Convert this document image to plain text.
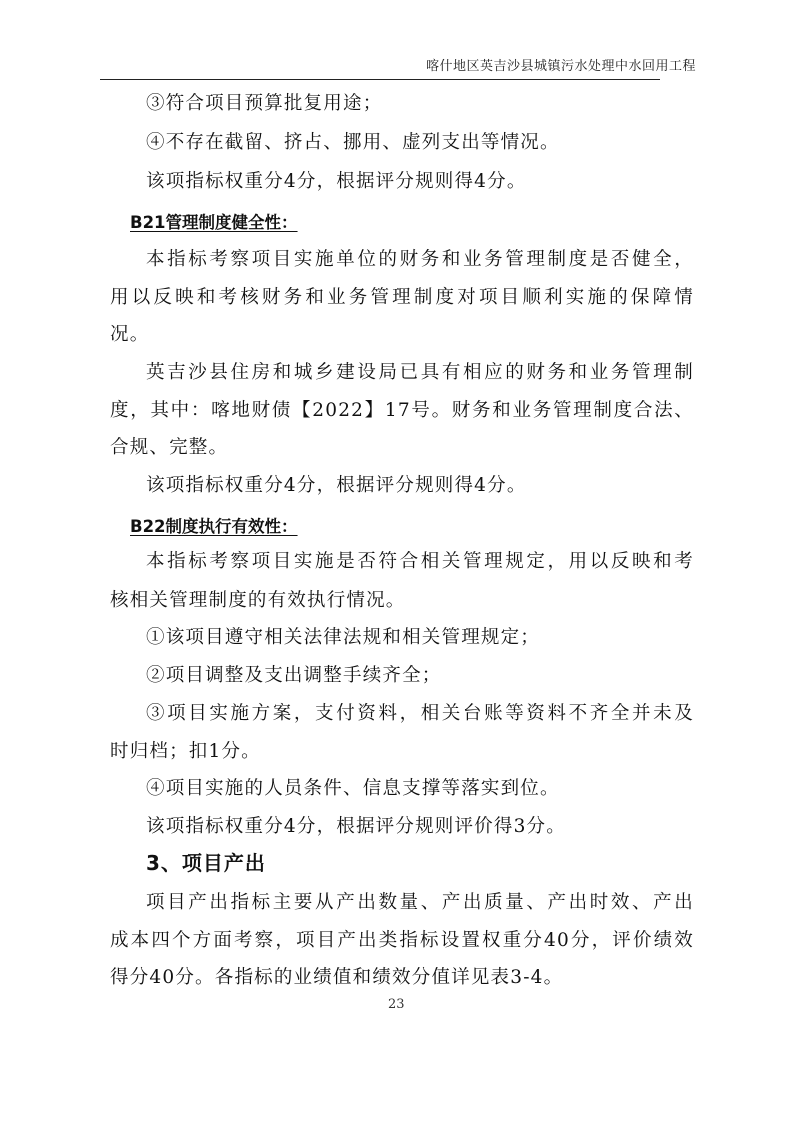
喀什地区英吉沙县城镇污水处理中水回用工程
③符合项目预算批复用途；
④不存在截留、挤占、挪用、虚列支出等情况。
该项指标权重分4分，根据评分规则得4分。
B21管理制度健全性：
本指标考察项目实施单位的财务和业务管理制度是否健全，
用以反映和考核财务和业务管理制度对项目顺利实施的保障情
况。
英吉沙县住房和城乡建设局已具有相应的财务和业务管理制
度，其中：喀地财债【2022】17号。财务和业务管理制度合法、
合规、完整。
该项指标权重分4分，根据评分规则得4分。
B22制度执行有效性：
本指标考察项目实施是否符合相关管理规定，用以反映和考
核相关管理制度的有效执行情况。
①该项目遵守相关法律法规和相关管理规定；
②项目调整及支出调整手续齐全；
③项目实施方案，支付资料，相关台账等资料不齐全并未及
时归档；扣1分。
④项目实施的人员条件、信息支撑等落实到位。
该项指标权重分4分，根据评分规则评价得3分。
3、项目产出
项目产出指标主要从产出数量、产出质量、产出时效、产出
成本四个方面考察，项目产出类指标设置权重分40分，评价绩效
得分40分。各指标的业绩值和绩效分值详见表3-4。
23
